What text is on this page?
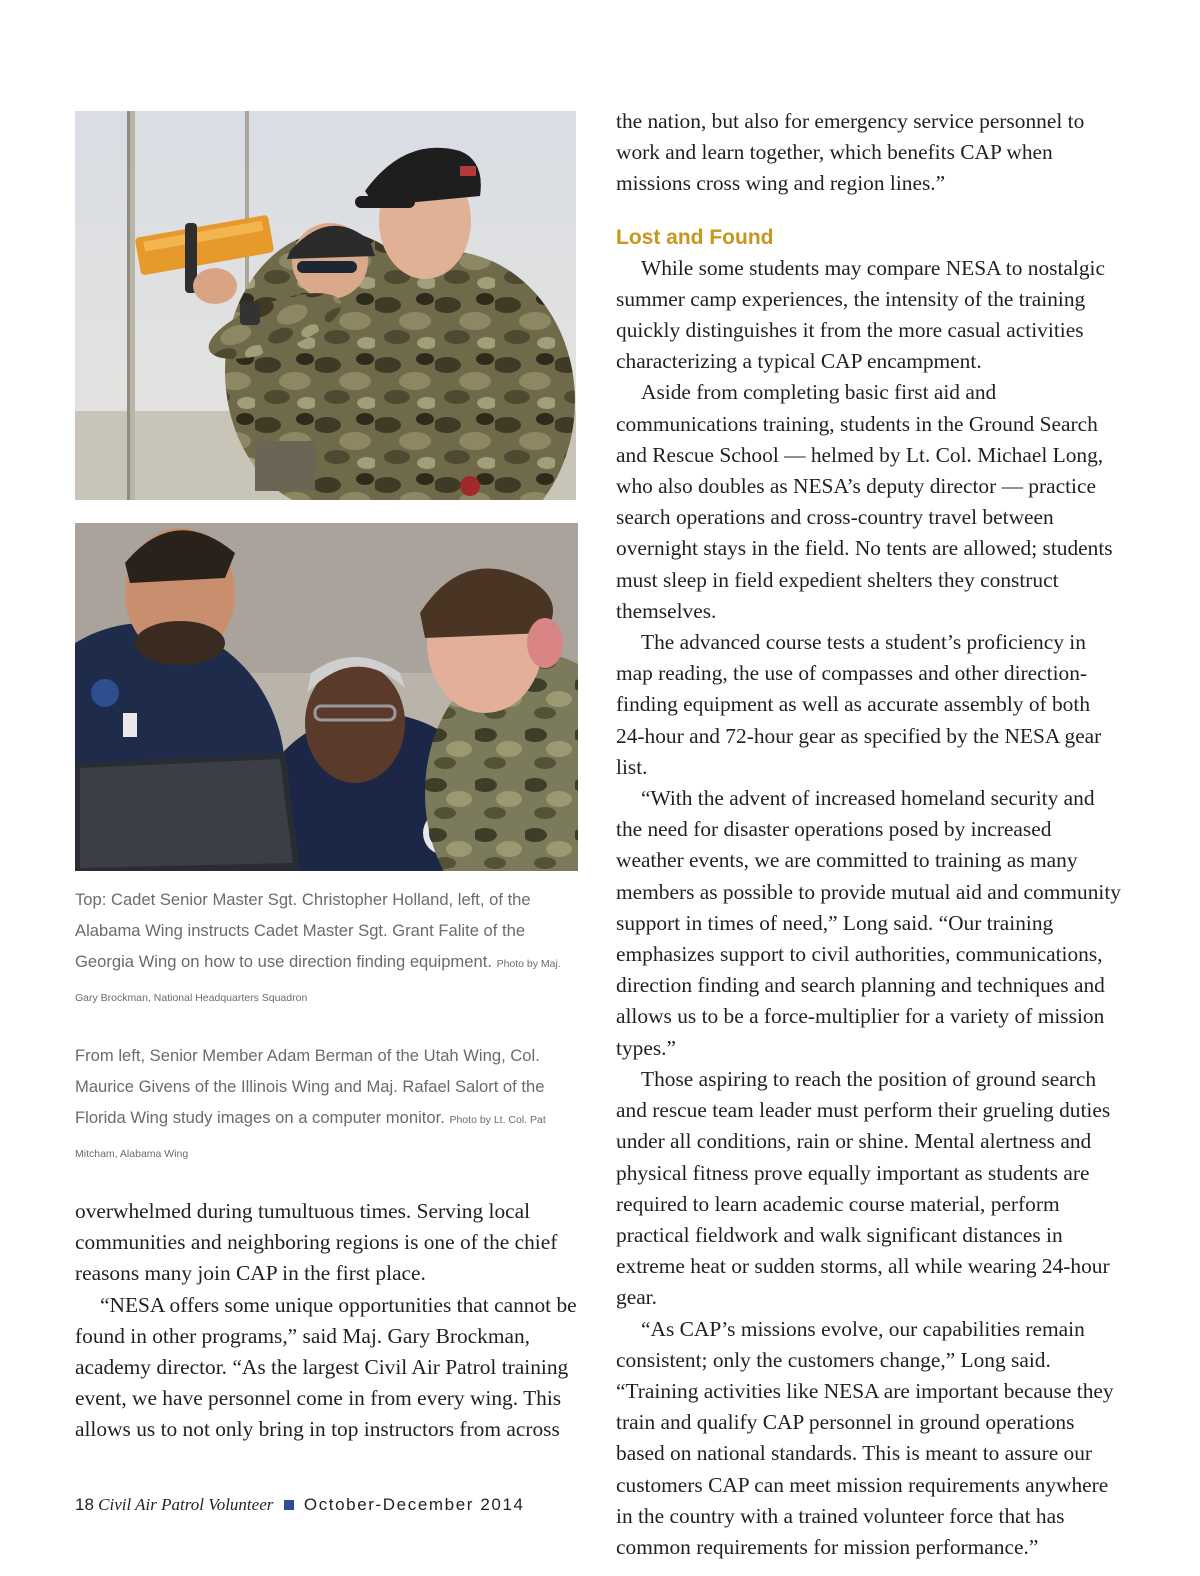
Top: Cadet Senior Master Sgt. Christopher Holland, left, of the Alabama Wing instructs Cadet Master Sgt. Grant Falite of the Georgia Wing on how to use direction finding equipment. Photo by Maj. Gary Brockman, National Headquarters Squadron
From left, Senior Member Adam Berman of the Utah Wing, Col. Maurice Givens of the Illinois Wing and Maj. Rafael Salort of the Florida Wing study images on a computer monitor. Photo by Lt. Col. Pat Mitcham, Alabama Wing

overwhelmed during tumultuous times. Serving local communities and neighboring regions is one of the chief reasons many join CAP in the first place.

“NESA offers some unique opportunities that cannot be found in other programs,” said Maj. Gary Brockman, academy director. “As the largest Civil Air Patrol training event, we have personnel come in from every wing. This allows us to not only bring in top instructors from across

the nation, but also for emergency service personnel to work and learn together, which benefits CAP when missions cross wing and region lines.”

Lost and Found

While some students may compare NESA to nostalgic summer camp experiences, the intensity of the training quickly distinguishes it from the more casual activities characterizing a typical CAP encampment.

Aside from completing basic first aid and communications training, students in the Ground Search and Rescue School — helmed by Lt. Col. Michael Long, who also doubles as NESA’s deputy director — practice search operations and cross-country travel between overnight stays in the field. No tents are allowed; students must sleep in field expedient shelters they construct themselves.

The advanced course tests a student’s proficiency in map reading, the use of compasses and other direction-finding equipment as well as accurate assembly of both 24-hour and 72-hour gear as specified by the NESA gear list.

“With the advent of increased homeland security and the need for disaster operations posed by increased weather events, we are committed to training as many members as possible to provide mutual aid and community support in times of need,” Long said. “Our training emphasizes support to civil authorities, communications, direction finding and search planning and techniques and allows us to be a force-multiplier for a variety of mission types.”

Those aspiring to reach the position of ground search and rescue team leader must perform their grueling duties under all conditions, rain or shine. Mental alertness and physical fitness prove equally important as students are required to learn academic course material, perform practical fieldwork and walk significant distances in extreme heat or sudden storms, all while wearing 24-hour gear.

“As CAP’s missions evolve, our capabilities remain consistent; only the customers change,” Long said. “Training activities like NESA are important because they train and qualify CAP personnel in ground operations based on national standards. This is meant to assure our customers CAP can meet mission requirements anywhere in the country with a trained volunteer force that has common requirements for mission performance.”

18 Civil Air Patrol Volunteer October-December 2014
